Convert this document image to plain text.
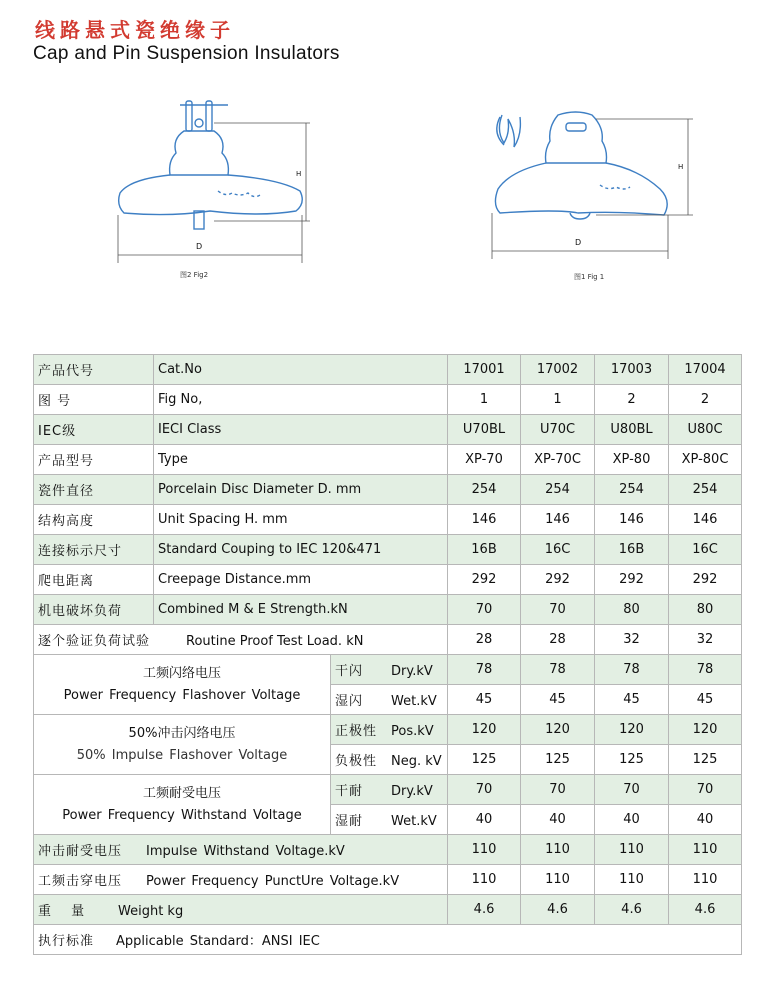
线路悬式瓷绝缘子
Cap and Pin Suspension Insulators
H
D
图2 Fig2
H
D
图1 Fig 1
产品代号	Cat.No		17001	17002	17003	17004
图 号	Fig No,		1	1	2	2
IEC级	IECI Class		U70BL	U70C	U80BL	U80C
产品型号	Type		XP-70	XP-70C	XP-80	XP-80C
瓷件直径	Porcelain Disc Diameter D. mm		254	254	254	254
结构高度	Unit Spacing H. mm		146	146	146	146
连接标示尺寸	Standard Couping to IEC 120&471		16B	16C	16B	16C
爬电距离	Creepage Distance.mm		292	292	292	292
机电破坏负荷	Combined M & E Strength.kN		70	70	80	80
逐个验证负荷试验 Routine Proof Test Load. kN			28	28	32	32

工频闪络电压
Power Frequency Flashover Voltage		干闪 Dry.kV	78	78	78	78
		湿闪 Wet.kV	45	45	45	45

50%冲击闪络电压
50% Impulse Flashover Voltage		正极性 Pos.kV	120	120	120	120
		负极性 Neg. kV	125	125	125	125

工频耐受电压
Power Frequency Withstand Voltage		干耐 Dry.kV	70	70	70	70
		湿耐 Wet.kV	40	40	40	40
冲击耐受电压 Impulse Withstand Voltage.kV			110	110	110	110
工频击穿电压 Power Frequency PunctUre Voltage.kV			110	110	110	110
重 量 Weight kg			4.6	4.6	4.6	4.6
执行标准 Applicable Standard：ANSI IEC						
